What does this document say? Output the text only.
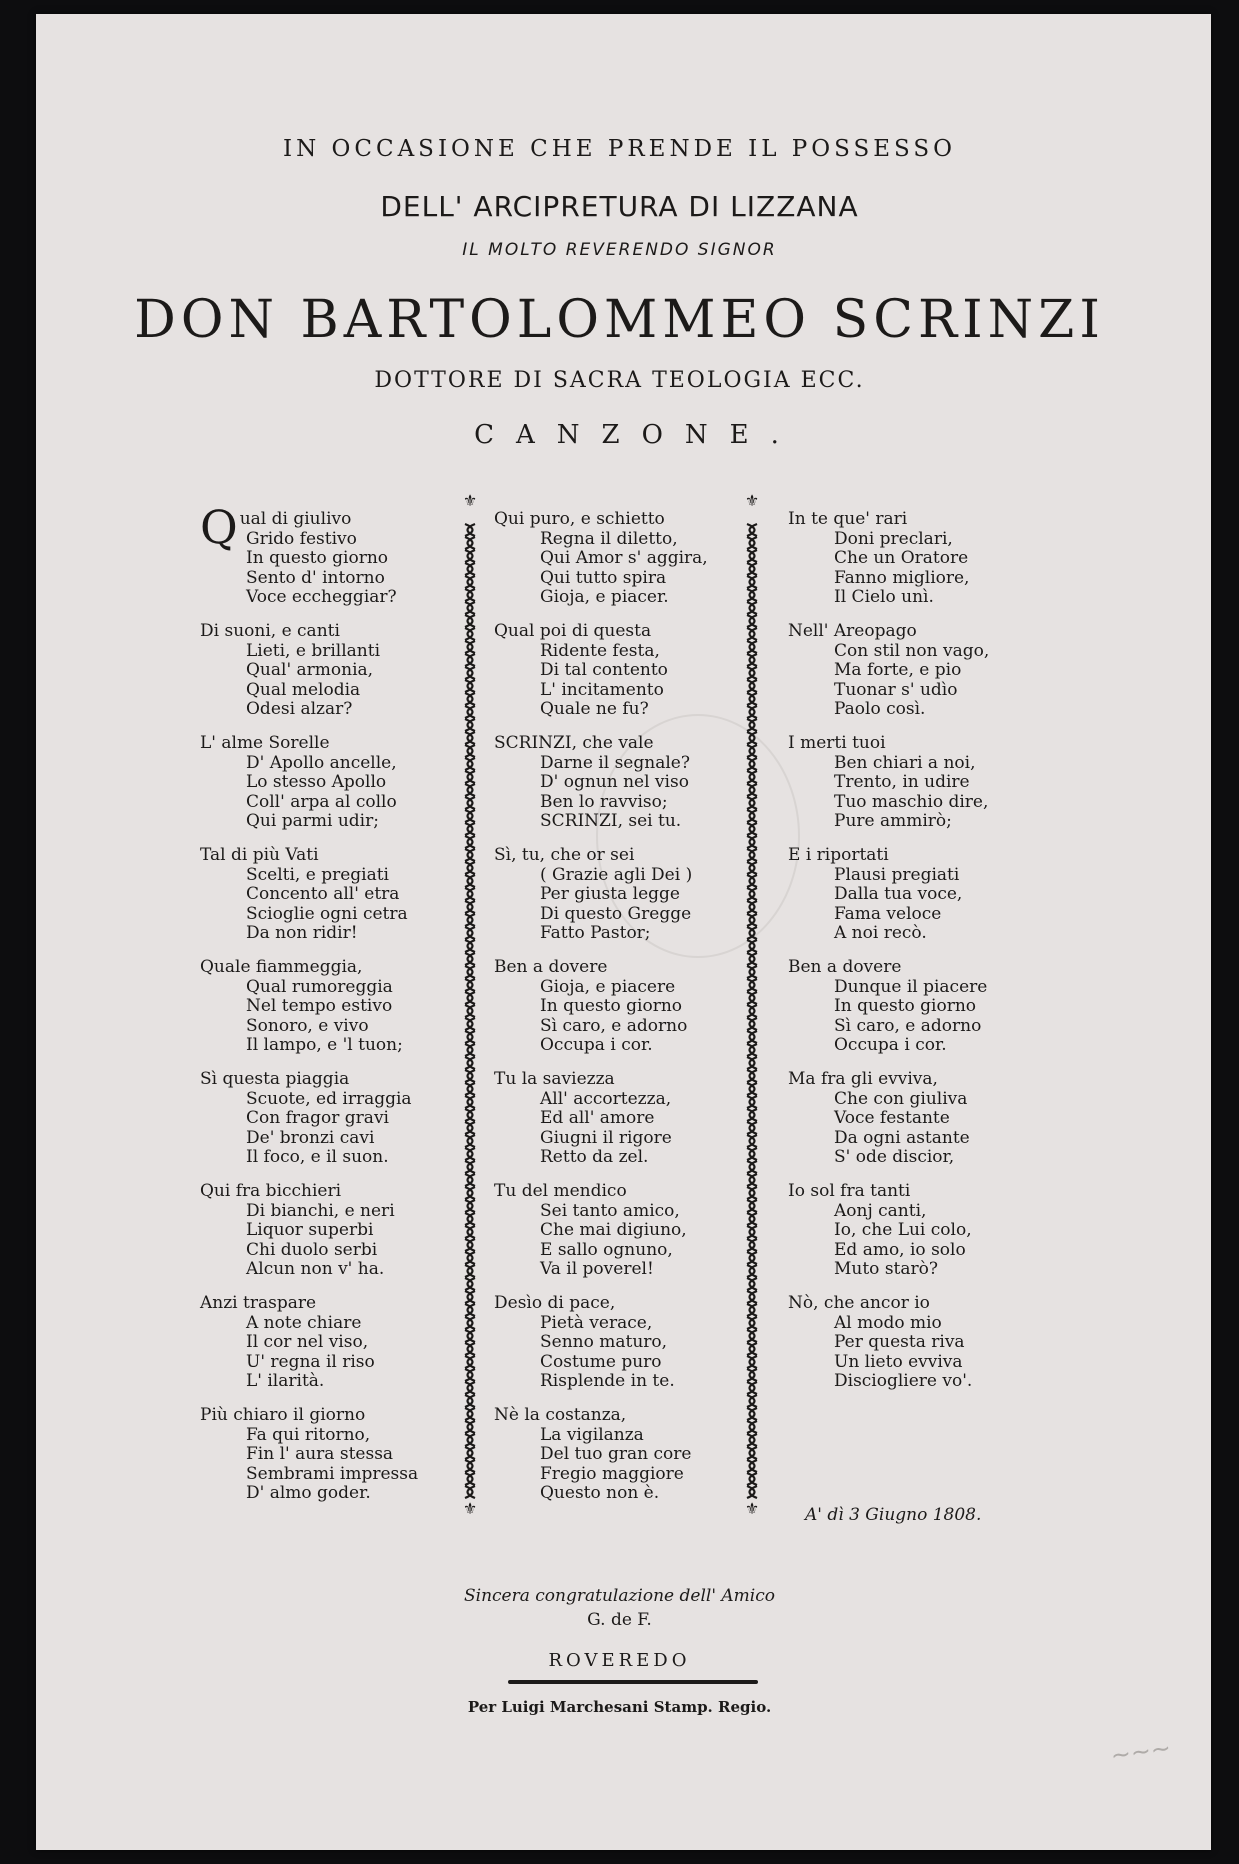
~~~
IN OCCASIONE CHE PRENDE IL POSSESSO
DELL' ARCIPRETURA DI LIZZANA
IL MOLTO REVERENDO SIGNOR
DON BARTOLOMMEO SCRINZI
DOTTORE DI SACRA TEOLOGIA ECC.
CANZONE.
Qual di giulivo
Grido festivo
In questo giorno
Sento d' intorno
Voce eccheggiar?
Di suoni, e canti
Lieti, e brillanti
Qual' armonia,
Qual melodia
Odesi alzar?
L' alme Sorelle
D' Apollo ancelle,
Lo stesso Apollo
Coll' arpa al collo
Qui parmi udir;
Tal di più Vati
Scelti, e pregiati
Concento all' etra
Scioglie ogni cetra
Da non ridir!
Quale fiammeggia,
Qual rumoreggia
Nel tempo estivo
Sonoro, e vivo
Il lampo, e 'l tuon;
Sì questa piaggia
Scuote, ed irraggia
Con fragor gravi
De' bronzi cavi
Il foco, e il suon.
Qui fra bicchieri
Di bianchi, e neri
Liquor superbi
Chi duolo serbi
Alcun non v' ha.
Anzi traspare
A note chiare
Il cor nel viso,
U' regna il riso
L' ilarità.
Più chiaro il giorno
Fa qui ritorno,
Fin l' aura stessa
Sembrami impressa
D' almo goder.
Qui puro, e schietto
Regna il diletto,
Qui Amor s' aggira,
Qui tutto spira
Gioja, e piacer.
Qual poi di questa
Ridente festa,
Di tal contento
L' incitamento
Quale ne fu?
SCRINZI, che vale
Darne il segnale?
D' ognun nel viso
Ben lo ravviso;
SCRINZI, sei tu.
Sì, tu, che or sei
( Grazie agli Dei )
Per giusta legge
Di questo Gregge
Fatto Pastor;
Ben a dovere
Gioja, e piacere
In questo giorno
Sì caro, e adorno
Occupa i cor.
Tu la saviezza
All' accortezza,
Ed all' amore
Giugni il rigore
Retto da zel.
Tu del mendico
Sei tanto amico,
Che mai digiuno,
E sallo ognuno,
Va il poverel!
Desìo di pace,
Pietà verace,
Senno maturo,
Costume puro
Risplende in te.
Nè la costanza,
La vigilanza
Del tuo gran core
Fregio maggiore
Questo non è.
In te que' rari
Doni preclari,
Che un Oratore
Fanno migliore,
Il Cielo unì.
Nell' Areopago
Con stil non vago,
Ma forte, e pio
Tuonar s' udìo
Paolo così.
I merti tuoi
Ben chiari a noi,
Trento, in udire
Tuo maschio dire,
Pure ammirò;
E i riportati
Plausi pregiati
Dalla tua voce,
Fama veloce
A noi recò.
Ben a dovere
Dunque il piacere
In questo giorno
Sì caro, e adorno
Occupa i cor.
Ma fra gli evviva,
Che con giuliva
Voce festante
Da ogni astante
S' ode discior,
Io sol fra tanti
Aonj canti,
Io, che Lui colo,
Ed amo, io solo
Muto starò?
Nò, che ancor io
Al modo mio
Per questa riva
Un lieto evviva
Disciogliere vo'.
⚜
⚜
⚜
⚜	A' dì 3 Giugno 1808.
Sincera congratulazione dell' Amico
G. de F.
ROVEREDO
Per Luigi Marchesani Stamp. Regio.
